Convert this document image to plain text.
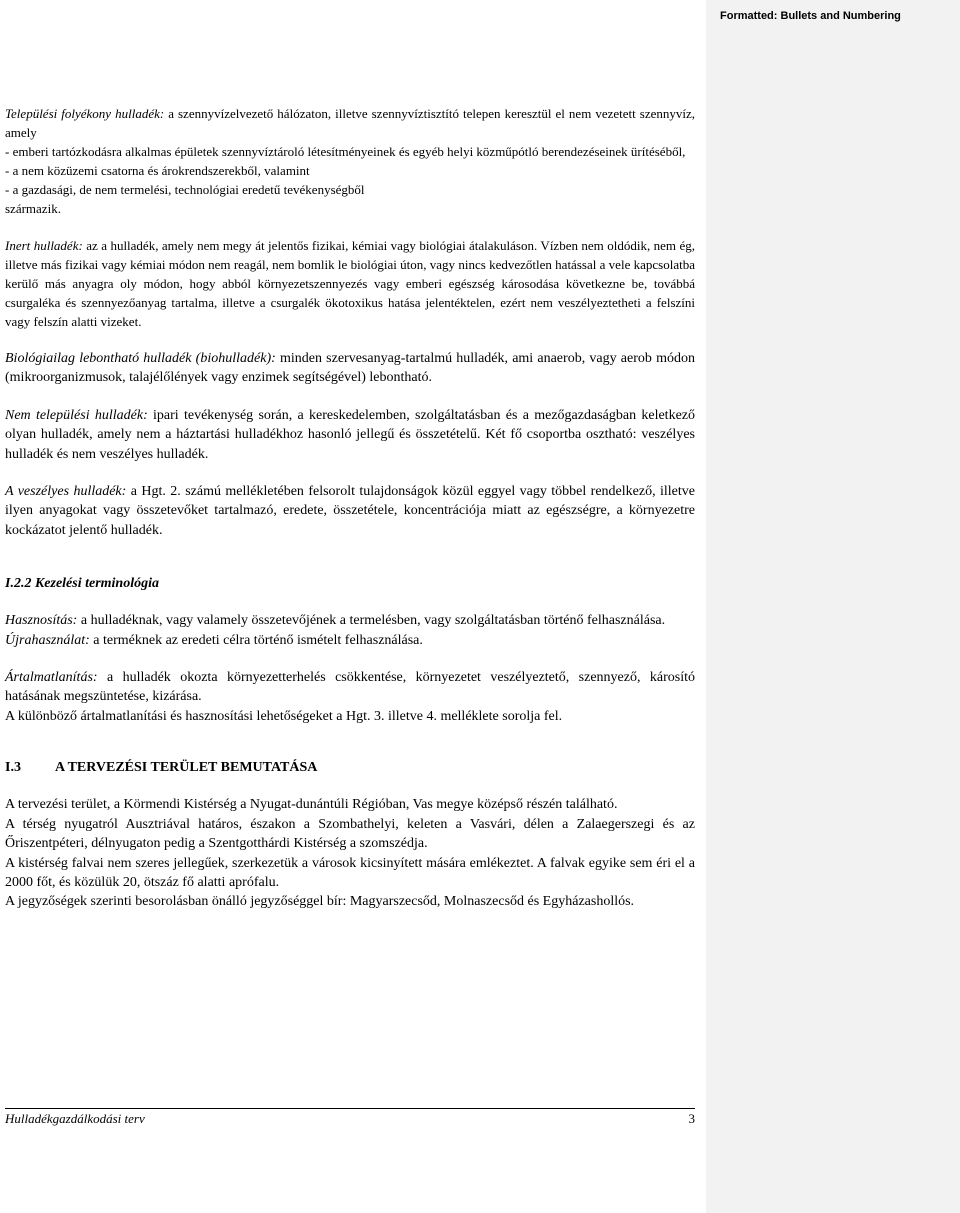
Formatted: Bullets and Numbering
Települési folyékony hulladék: a szennyvízelvezető hálózaton, illetve szennyvíztisztító telepen keresztül el nem vezetett szennyvíz, amely
- emberi tartózkodásra alkalmas épületek szennyvíztároló létesítményeinek és egyéb helyi közműpótló berendezéseinek ürítéséből,
- a nem közüzemi csatorna és árokrendszerekből, valamint
- a gazdasági, de nem termelési, technológiai eredetű tevékenységből
származik.
Inert hulladék: az a hulladék, amely nem megy át jelentős fizikai, kémiai vagy biológiai átalakuláson. Vízben nem oldódik, nem ég, illetve más fizikai vagy kémiai módon nem reagál, nem bomlik le biológiai úton, vagy nincs kedvezőtlen hatással a vele kapcsolatba kerülő más anyagra oly módon, hogy abból környezetszennyezés vagy emberi egészség károsodása következne be, továbbá csurgaléka és szennyezőanyag tartalma, illetve a csurgalék ökotoxikus hatása jelentéktelen, ezért nem veszélyeztetheti a felszíni vagy felszín alatti vizeket.
Biológiailag lebontható hulladék (biohulladék): minden szervesanyag-tartalmú hulladék, ami anaerob, vagy aerob módon (mikroorganizmusok, talajélőlények vagy enzimek segítségével) lebontható.
Nem települési hulladék: ipari tevékenység során, a kereskedelemben, szolgáltatásban és a mezőgazdaságban keletkező olyan hulladék, amely nem a háztartási hulladékhoz hasonló jellegű és összetételű. Két fő csoportba osztható: veszélyes hulladék és nem veszélyes hulladék.
A veszélyes hulladék: a Hgt. 2. számú mellékletében felsorolt tulajdonságok közül eggyel vagy többel rendelkező, illetve ilyen anyagokat vagy összetevőket tartalmazó, eredete, összetétele, koncentrációja miatt az egészségre, a környezetre kockázatot jelentő hulladék.
I.2.2 Kezelési terminológia
Hasznosítás: a hulladéknak, vagy valamely összetevőjének a termelésben, vagy szolgáltatásban történő felhasználása.
Újrahasználat: a terméknek az eredeti célra történő ismételt felhasználása.
Ártalmatlanítás: a hulladék okozta környezetterhelés csökkentése, környezetet veszélyeztető, szennyező, károsító hatásának megszüntetése, kizárása.
A különböző ártalmatlanítási és hasznosítási lehetőségeket a Hgt. 3. illetve 4. melléklete sorolja fel.
I.3 A TERVEZÉSI TERÜLET BEMUTATÁSA
A tervezési terület, a Körmendi Kistérség a Nyugat-dunántúli Régióban, Vas megye középső részén található.
A térség nyugatról Ausztriával határos, északon a Szombathelyi, keleten a Vasvári, délen a Zalaegerszegi és az Őriszentpéteri, délnyugaton pedig a Szentgotthárdi Kistérség a szomszédja.
A kistérség falvai nem szeres jellegűek, szerkezetük a városok kicsinyített mására emlékeztet. A falvak egyike sem éri el a 2000 főt, és közülük 20, ötszáz fő alatti aprófalu.
A jegyzőségek szerinti besorolásban önálló jegyzőséggel bír: Magyarszecsőd, Molnaszecsőd és Egyházashollós.
Hulladékgazdálkodási terv	3
